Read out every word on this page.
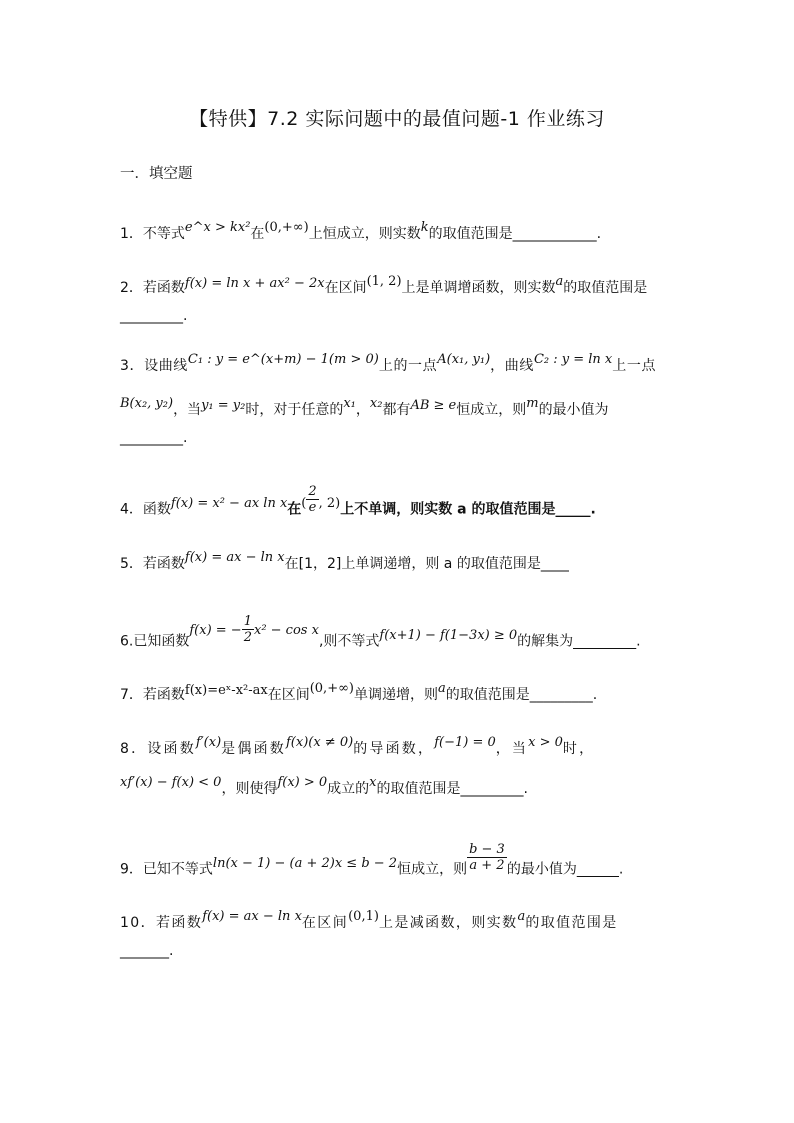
【特供】7.2 实际问题中的最值问题-1 作业练习
一．填空题
1．不等式e^x > kx²在(0,+∞)上恒成立，则实数k的取值范围是____________.
2．若函数f(x) = ln x + ax² − 2x在区间(1, 2)上是单调增函数，则实数a的取值范围是
_________.
3．设曲线C₁ : y = e^(x+m) − 1(m > 0)上的一点A(x₁, y₁)，曲线C₂ : y = ln x上一点
B(x₂, y₂)，当y₁ = y₂时，对于任意的x₁，x₂都有AB ≥ e恒成立，则m的最小值为
_________.
4．函数f(x) = x² − ax ln x在( $\frac{2}{e}$ , 2)上不单调，则实数 a 的取值范围是_____.
5．若函数f(x) = ax − ln x在[1，2]上单调递增，则 a 的取值范围是____
6.已知函数f(x) = − $\frac{1}{2} x^2 - \cos x$,则不等式f(x+1) − f(1−3x) ≥ 0的解集为_________.
7．若函数f(x)=eˣ-x²-ax在区间(0,+∞)单调递增，则a的取值范围是_________.
8．设函数f′(x)是偶函数f(x)(x ≠ 0)的导函数，f(−1) = 0，当x > 0时，
xf′(x) − f(x) < 0，则使得f(x) > 0成立的x的取值范围是_________.
9．已知不等式ln(x − 1) − (a + 2)x ≤ b − 2恒成立，则 $\frac{b - 3}{a + 2}$ 的最小值为______.
10．若函数f(x) = ax − ln x在区间(0,1)上是减函数，则实数a的取值范围是
_______.
